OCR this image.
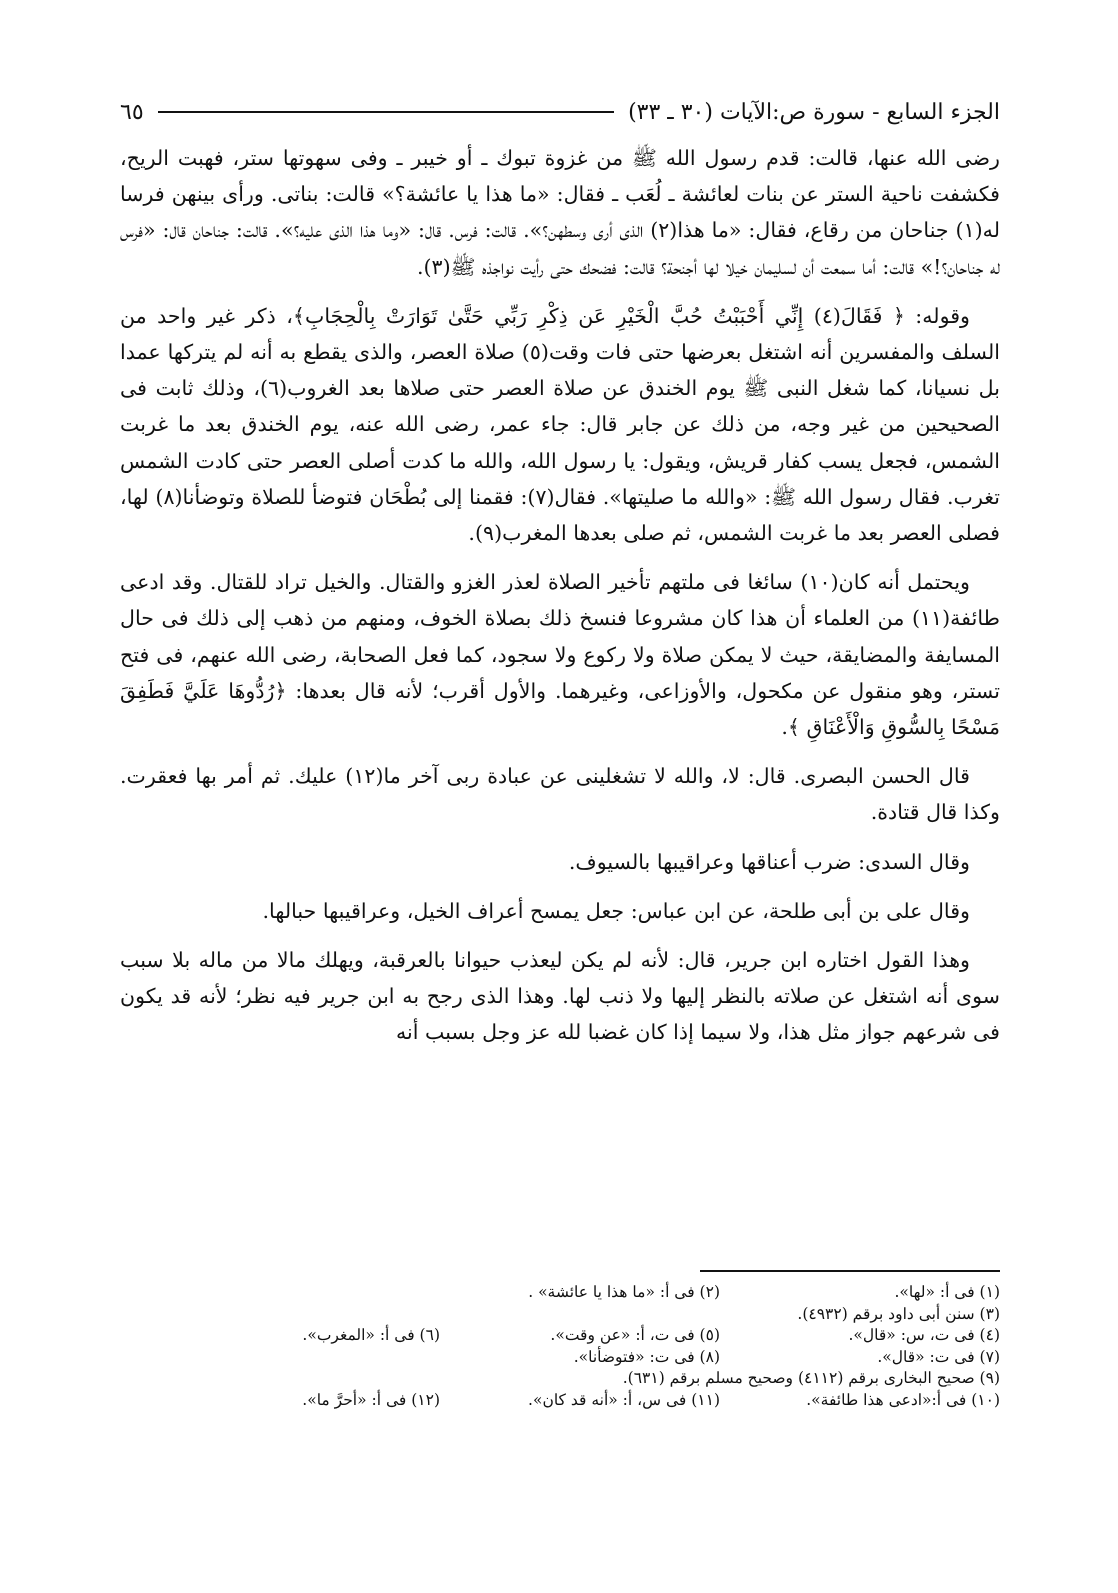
الجزء السابع - سورة ص:الآيات (٣٠ ـ ٣٣)
٦٥

رضى الله عنها، قالت: قدم رسول الله ﷺ من غزوة تبوك ـ أو خيبر ـ وفى سهوتها ستر، فهبت الريح، فكشفت ناحية الستر عن بنات لعائشة ـ لُعَب ـ فقال: «ما هذا يا عائشة؟» قالت: بناتى. ورأى بينهن فرسا له(١) جناحان من رقاع، فقال: «ما هذا(٢) الذى أرى وسطهن؟». قالت: فرس. قال: «وما هذا الذى عليه؟». قالت: جناحان قال: «فرس له جناحان؟!» قالت: أما سمعت أن لسليمان خيلا لها أجنحة؟ قالت: فضحك حتى رأيت نواجذه ﷺ(٣).

وقوله: ﴿ فَقَالَ(٤) إِنِّي أَحْبَبْتُ حُبَّ الْخَيْرِ عَن ذِكْرِ رَبِّي حَتَّىٰ تَوَارَتْ بِالْحِجَابِ﴾، ذكر غير واحد من السلف والمفسرين أنه اشتغل بعرضها حتى فات وقت(٥) صلاة العصر، والذى يقطع به أنه لم يتركها عمدا بل نسيانا، كما شغل النبى ﷺ يوم الخندق عن صلاة العصر حتى صلاها بعد الغروب(٦)، وذلك ثابت فى الصحيحين من غير وجه، من ذلك عن جابر قال: جاء عمر، رضى الله عنه، يوم الخندق بعد ما غربت الشمس، فجعل يسب كفار قريش، ويقول: يا رسول الله، والله ما كدت أصلى العصر حتى كادت الشمس تغرب. فقال رسول الله ﷺ: «والله ما صليتها». فقال(٧): فقمنا إلى بُطْحَان فتوضأ للصلاة وتوضأنا(٨) لها، فصلى العصر بعد ما غربت الشمس، ثم صلى بعدها المغرب(٩).

ويحتمل أنه كان(١٠) سائغا فى ملتهم تأخير الصلاة لعذر الغزو والقتال. والخيل تراد للقتال. وقد ادعى طائفة(١١) من العلماء أن هذا كان مشروعا فنسخ ذلك بصلاة الخوف، ومنهم من ذهب إلى ذلك فى حال المسايفة والمضايقة، حيث لا يمكن صلاة ولا ركوع ولا سجود، كما فعل الصحابة، رضى الله عنهم، فى فتح تستر، وهو منقول عن مكحول، والأوزاعى، وغيرهما. والأول أقرب؛ لأنه قال بعدها: ﴿رُدُّوهَا عَلَيَّ فَطَفِقَ مَسْحًا بِالسُّوقِ وَالْأَعْنَاقِ ﴾.

قال الحسن البصرى. قال: لا، والله لا تشغلينى عن عبادة ربى آخر ما(١٢) عليك. ثم أمر بها فعقرت. وكذا قال قتادة.

وقال السدى: ضرب أعناقها وعراقيبها بالسيوف.

وقال على بن أبى طلحة، عن ابن عباس: جعل يمسح أعراف الخيل، وعراقيبها حبالها.

وهذا القول اختاره ابن جرير، قال: لأنه لم يكن ليعذب حيوانا بالعرقبة، ويهلك مالا من ماله بلا سبب سوى أنه اشتغل عن صلاته بالنظر إليها ولا ذنب لها. وهذا الذى رجح به ابن جرير فيه نظر؛ لأنه قد يكون فى شرعهم جواز مثل هذا، ولا سيما إذا كان غضبا لله عز وجل بسبب أنه

(١) فى أ: «لها».
(٢) فى أ: «ما هذا يا عائشة» .
(٣) سنن أبى داود برقم (٤٩٣٢).
(٤) فى ت، س: «قال».
(٥) فى ت، أ: «عن وقت».
(٦) فى أ: «المغرب».
(٧) فى ت: «قال».
(٨) فى ت: «فتوضأنا».
(٩) صحيح البخارى برقم (٤١١٢) وصحيح مسلم برقم (٦٣١).
(١٠) فى أ:«ادعى هذا طائفة».
(١١) فى س، أ: «أنه قد كان».
(١٢) فى أ: «أحرَّ ما».
